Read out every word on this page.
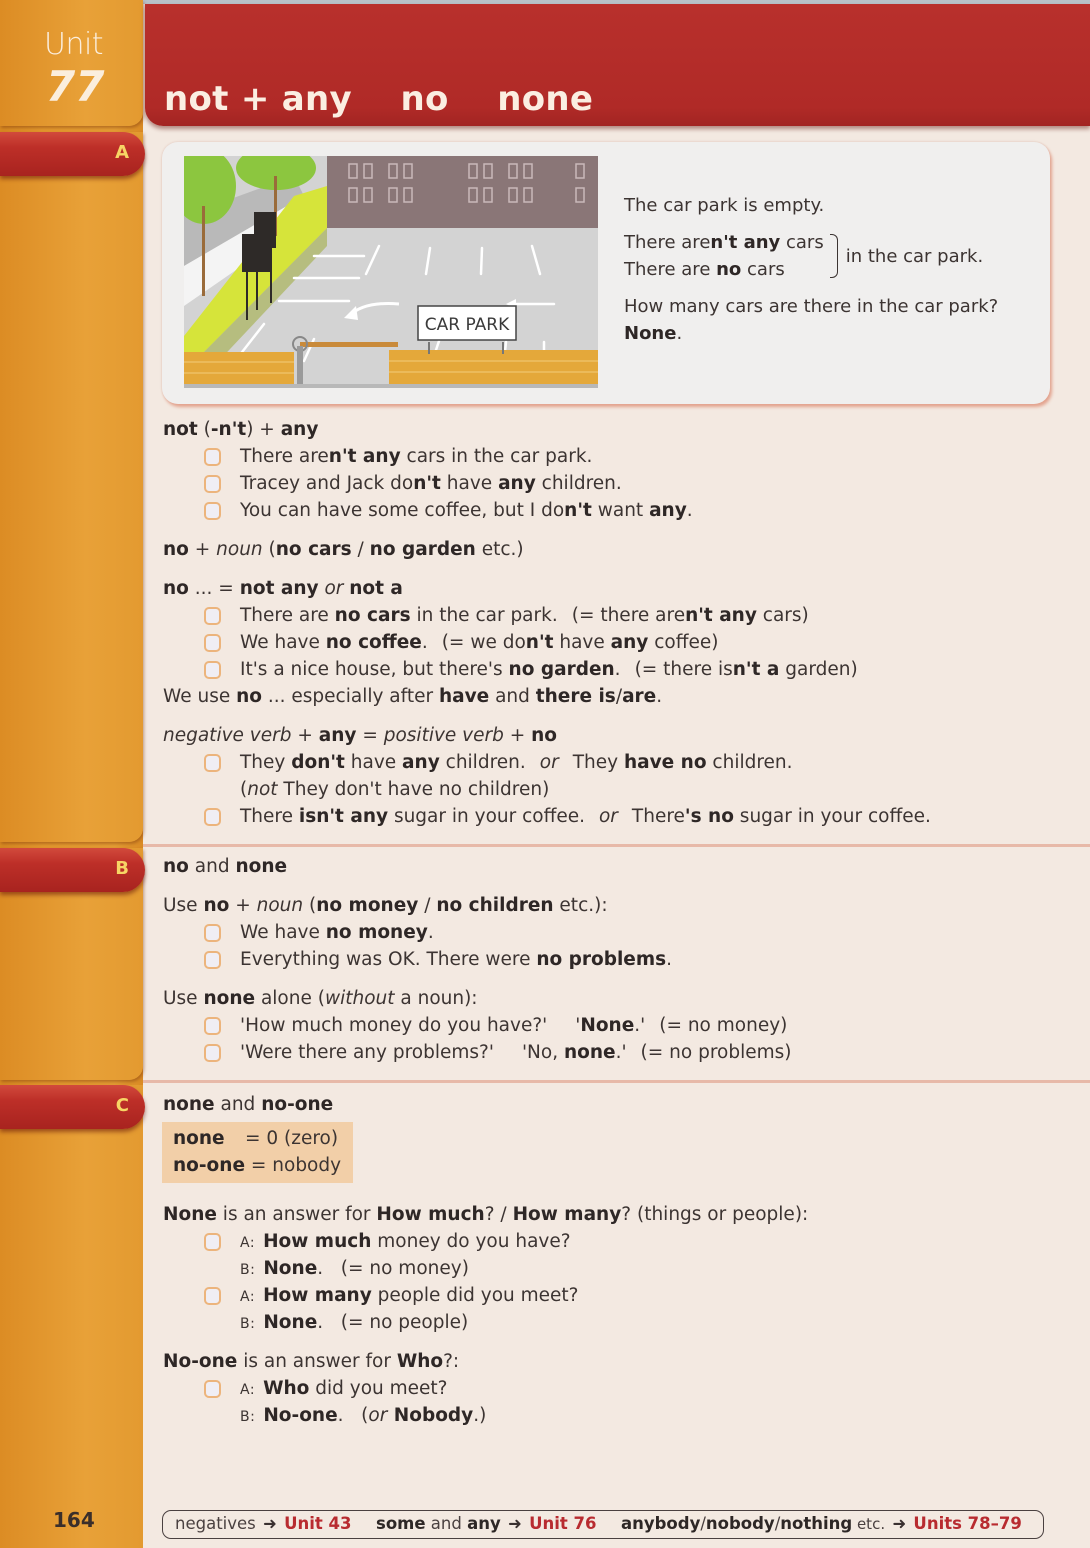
Unit
77
A
B
C
164
not + any    no    none
CAR PARK

The car park is empty.

There aren't any cars
There are no cars
in the car park.

How many cars are there in the car park?

None.

not (-n't) + any
There aren't any cars in the car park.
Tracey and Jack don't have any children.
You can have some coffee, but I don't want any.
no + noun (no cars / no garden etc.)
no ... = not any or not a
There are no cars in the car park. (= there aren't any cars)
We have no coffee. (= we don't have any coffee)
It's a nice house, but there's no garden. (= there isn't a garden)
We use no ... especially after have and there is/are.
negative verb + any = positive verb + no
They don't have any children. or They have no children.
(not They don't have no children)
There isn't any sugar in your coffee. or There's no sugar in your coffee.
no and none
Use no + noun (no money / no children etc.):
We have no money.
Everything was OK. There were no problems.
Use none alone (without a noun):
'How much money do you have?' 'None.' (= no money)
'Were there any problems?' 'No, none.' (= no problems)
none and no-one
none = 0 (zero)
no-one = nobody
None is an answer for How much? / How many? (things or people):
A: How much money do you have?
B: None.   (= no money)
A: How many people did you meet?
B: None.   (= no people)
No-one is an answer for Who?:
A: Who did you meet?
B: No-one.   (or Nobody.)
negatives ➜ Unit 43 some and any ➜ Unit 76 anybody/nobody/nothing etc. ➜ Units 78–79
